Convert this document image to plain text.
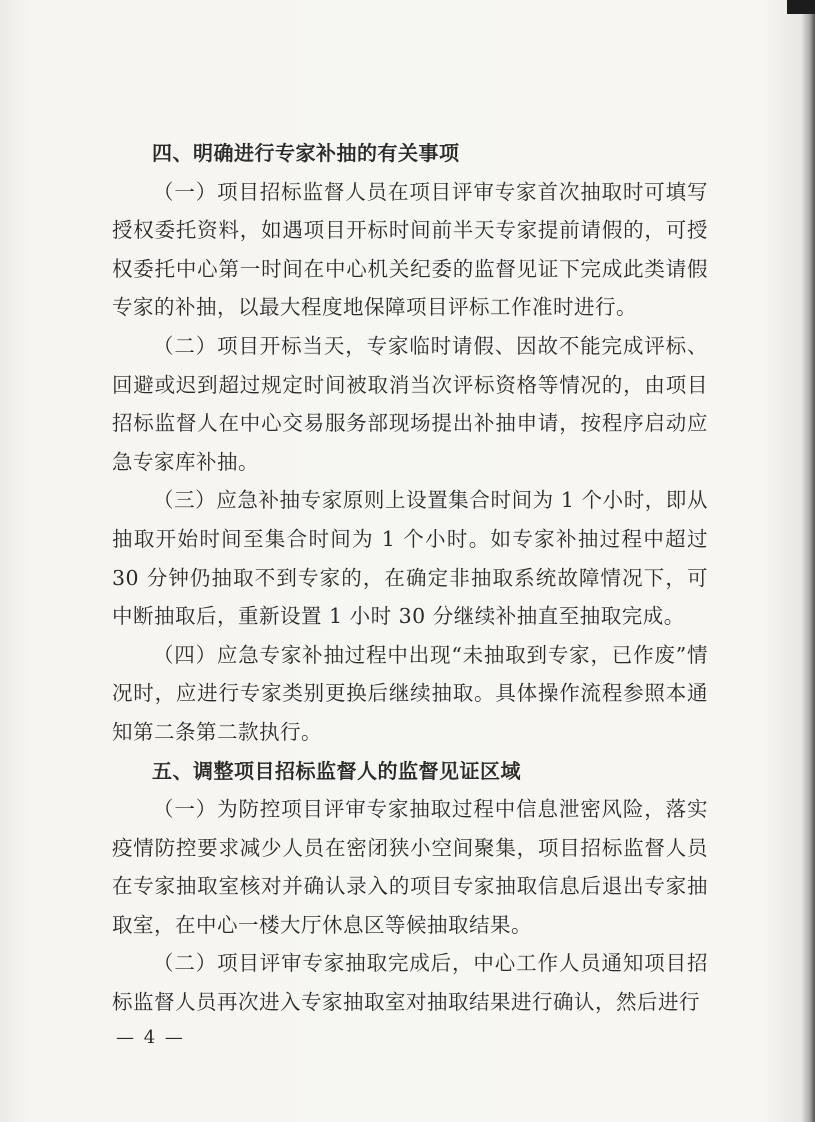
四、明确进行专家补抽的有关事项

（一）项目招标监督人员在项目评审专家首次抽取时可填写授权委托资料，如遇项目开标时间前半天专家提前请假的，可授权委托中心第一时间在中心机关纪委的监督见证下完成此类请假专家的补抽，以最大程度地保障项目评标工作准时进行。

（二）项目开标当天，专家临时请假、因故不能完成评标、回避或迟到超过规定时间被取消当次评标资格等情况的，由项目招标监督人在中心交易服务部现场提出补抽申请，按程序启动应急专家库补抽。

（三）应急补抽专家原则上设置集合时间为 1 个小时，即从抽取开始时间至集合时间为 1 个小时。如专家补抽过程中超过 30 分钟仍抽取不到专家的，在确定非抽取系统故障情况下，可中断抽取后，重新设置 1 小时 30 分继续补抽直至抽取完成。

（四）应急专家补抽过程中出现“未抽取到专家，已作废”情况时，应进行专家类别更换后继续抽取。具体操作流程参照本通知第二条第二款执行。

五、调整项目招标监督人的监督见证区域

（一）为防控项目评审专家抽取过程中信息泄密风险，落实疫情防控要求减少人员在密闭狭小空间聚集，项目招标监督人员在专家抽取室核对并确认录入的项目专家抽取信息后退出专家抽取室，在中心一楼大厅休息区等候抽取结果。

（二）项目评审专家抽取完成后，中心工作人员通知项目招标监督人员再次进入专家抽取室对抽取结果进行确认，然后进行

— 4 —
